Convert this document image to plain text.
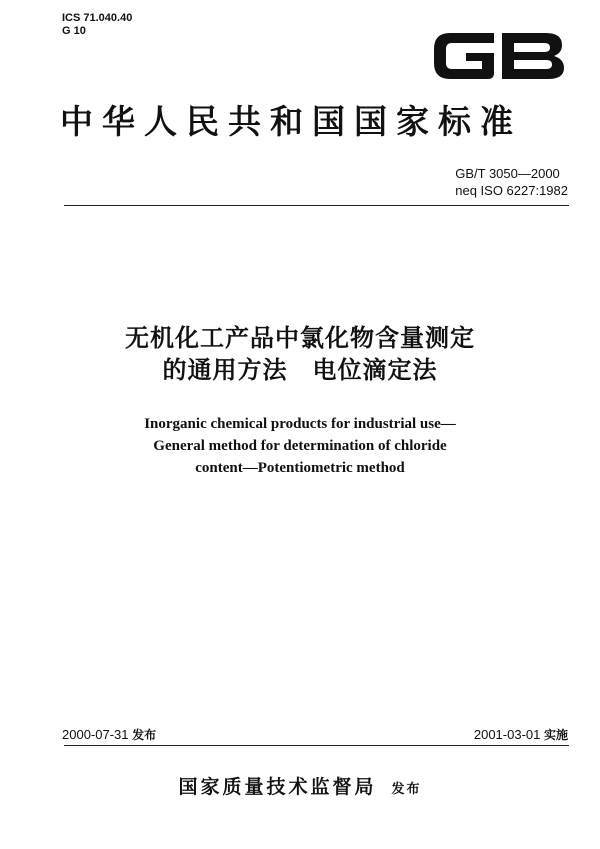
ICS 71.040.40
G 10
中华人民共和国国家标准
GB/T 3050—2000
neq ISO 6227:1982
无机化工产品中氯化物含量测定
的通用方法　电位滴定法
Inorganic chemical products for industrial use—
General method for determination of chloride
content—Potentiometric method
2000-07-31 发布	2001-03-01 实施
国家质量技术监督局 发布
